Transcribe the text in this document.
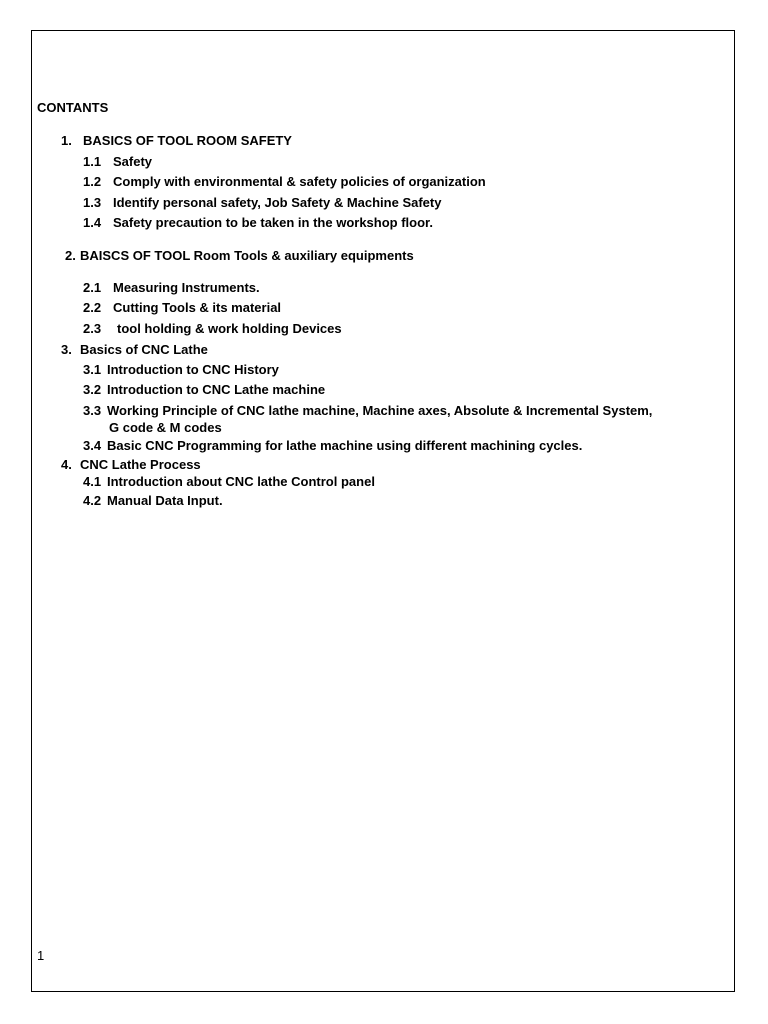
CONTANTS
1. BASICS OF TOOL ROOM SAFETY
1.1 Safety
1.2 Comply with environmental & safety policies of organization
1.3 Identify personal safety, Job Safety & Machine Safety
1.4 Safety precaution to be taken in the workshop floor.
2. BAISCS OF TOOL Room Tools & auxiliary equipments
2.1 Measuring Instruments.
2.2 Cutting Tools & its material
2.3 tool holding & work holding Devices
3. Basics of CNC Lathe
3.1 Introduction to CNC History
3.2 Introduction to CNC Lathe machine
3.3 Working Principle of CNC lathe machine, Machine axes, Absolute & Incremental System,
G code & M codes
3.4 Basic CNC Programming for lathe machine using different machining cycles.
4. CNC Lathe Process
4.1 Introduction about CNC lathe Control panel
4.2 Manual Data Input.
1
